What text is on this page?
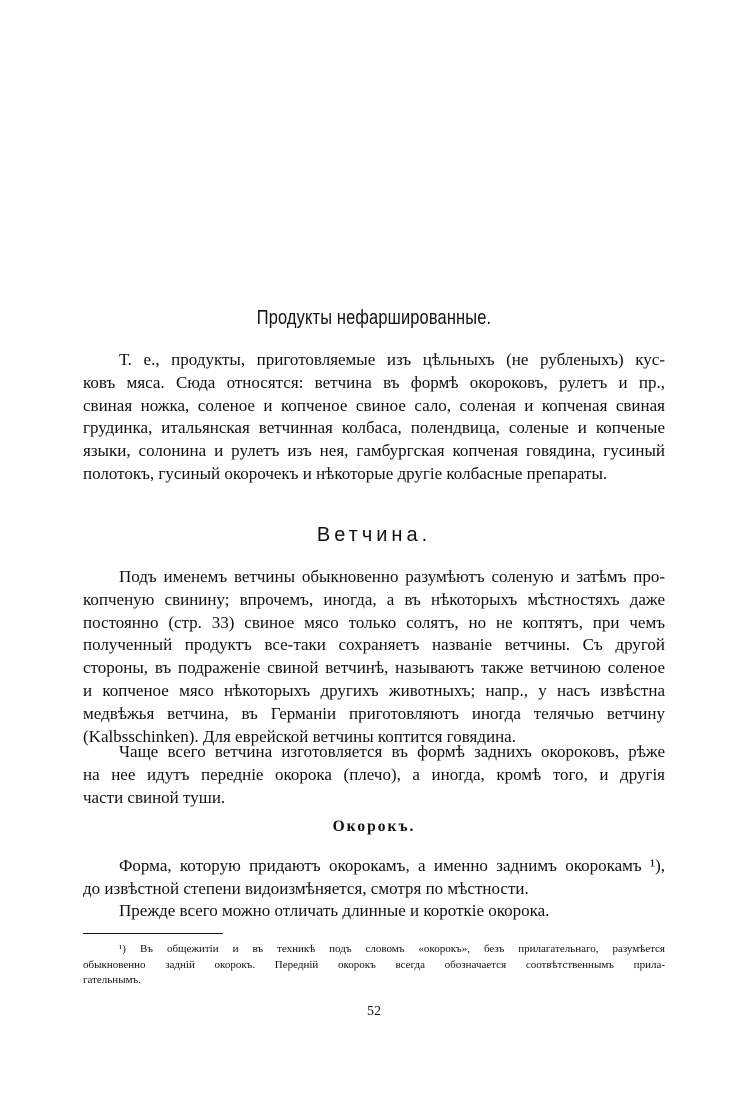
Продукты нефаршированные.
Т. е., продукты, приготовляемые изъ цѣльныхъ (не рубленыхъ) кус-
ковъ мяса. Сюда относятся: ветчина въ формѣ окороковъ, рулетъ и пр.,
свиная ножка, соленое и копченое свиное сало, соленая и копченая свиная
грудинка, итальянская ветчинная колбаса, полендвица, соленые и копченые
языки, солонина и рулетъ изъ нея, гамбургская копченая говядина, гусиный
полотокъ, гусиный окорочекъ и нѣкоторые другіе колбасные препараты.
Ветчина.
Подъ именемъ ветчины обыкновенно разумѣютъ соленую и затѣмъ про-
копченую свинину; впрочемъ, иногда, а въ нѣкоторыхъ мѣстностяхъ даже
постоянно (стр. 33) свиное мясо только солятъ, но не коптятъ, при чемъ
полученный продуктъ все-таки сохраняетъ названіе ветчины. Съ другой
стороны, въ подраженіе свиной ветчинѣ, называютъ также ветчиною соленое
и копченое мясо нѣкоторыхъ другихъ животныхъ; напр., у насъ извѣстна
медвѣжья ветчина, въ Германіи приготовляютъ иногда телячью ветчину
(Kalbsschinken). Для еврейской ветчины коптится говядина.
Чаще всего ветчина изготовляется въ формѣ заднихъ окороковъ, рѣже
на нее идутъ передніе окорока (плечо), а иногда, кромѣ того, и другія
части свиной туши.
Окорокъ.
Форма, которую придаютъ окорокамъ, а именно заднимъ окорокамъ ¹),
до извѣстной степени видоизмѣняется, смотря по мѣстности.
Прежде всего можно отличать длинные и короткіе окорока.
¹) Въ общежитіи и въ техникѣ подъ словомъ «окорокъ», безъ прилагательнаго, разумѣется
обыкновенно задній окорокъ. Передній окорокъ всегда обозначается соотвѣтственнымъ прила-
гательнымъ.
52
